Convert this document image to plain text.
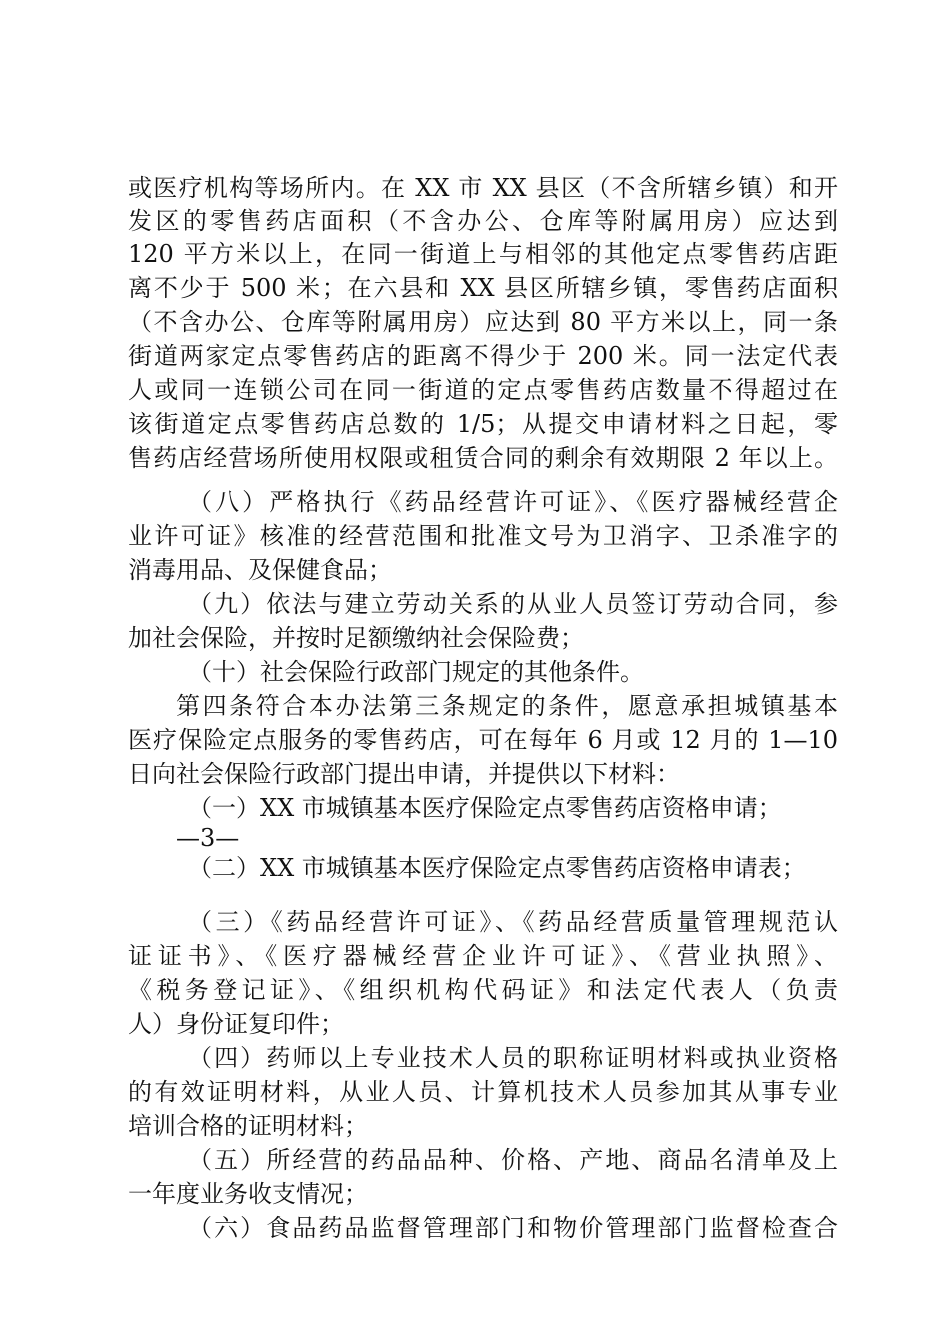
或医疗机构等场所内。在 XX 市 XX 县区（不含所辖乡镇）和开
发区的零售药店面积（不含办公、仓库等附属用房）应达到
120 平方米以上，在同一街道上与相邻的其他定点零售药店距
离不少于 500 米；在六县和 XX 县区所辖乡镇，零售药店面积
（不含办公、仓库等附属用房）应达到 80 平方米以上，同一条
街道两家定点零售药店的距离不得少于 200 米。同一法定代表
人或同一连锁公司在同一街道的定点零售药店数量不得超过在
该街道定点零售药店总数的 1/5；从提交申请材料之日起，零
售药店经营场所使用权限或租赁合同的剩余有效期限 2 年以上。
（八）严格执行《药品经营许可证》、《医疗器械经营企
业许可证》核准的经营范围和批准文号为卫消字、卫杀准字的
消毒用品、及保健食品；
（九）依法与建立劳动关系的从业人员签订劳动合同，参
加社会保险，并按时足额缴纳社会保险费；
（十）社会保险行政部门规定的其他条件。
第四条符合本办法第三条规定的条件，愿意承担城镇基本
医疗保险定点服务的零售药店，可在每年 6 月或 12 月的 1—10
日向社会保险行政部门提出申请，并提供以下材料：
（一）XX 市城镇基本医疗保险定点零售药店资格申请；
—3—
（二）XX 市城镇基本医疗保险定点零售药店资格申请表；
（三）《药品经营许可证》、《药品经营质量管理规范认
证证书》、《医疗器械经营企业许可证》、《营业执照》、
《税务登记证》、《组织机构代码证》和法定代表人（负责
人）身份证复印件；
（四）药师以上专业技术人员的职称证明材料或执业资格
的有效证明材料，从业人员、计算机技术人员参加其从事专业
培训合格的证明材料；
（五）所经营的药品品种、价格、产地、商品名清单及上
一年度业务收支情况；
（六）食品药品监督管理部门和物价管理部门监督检查合
